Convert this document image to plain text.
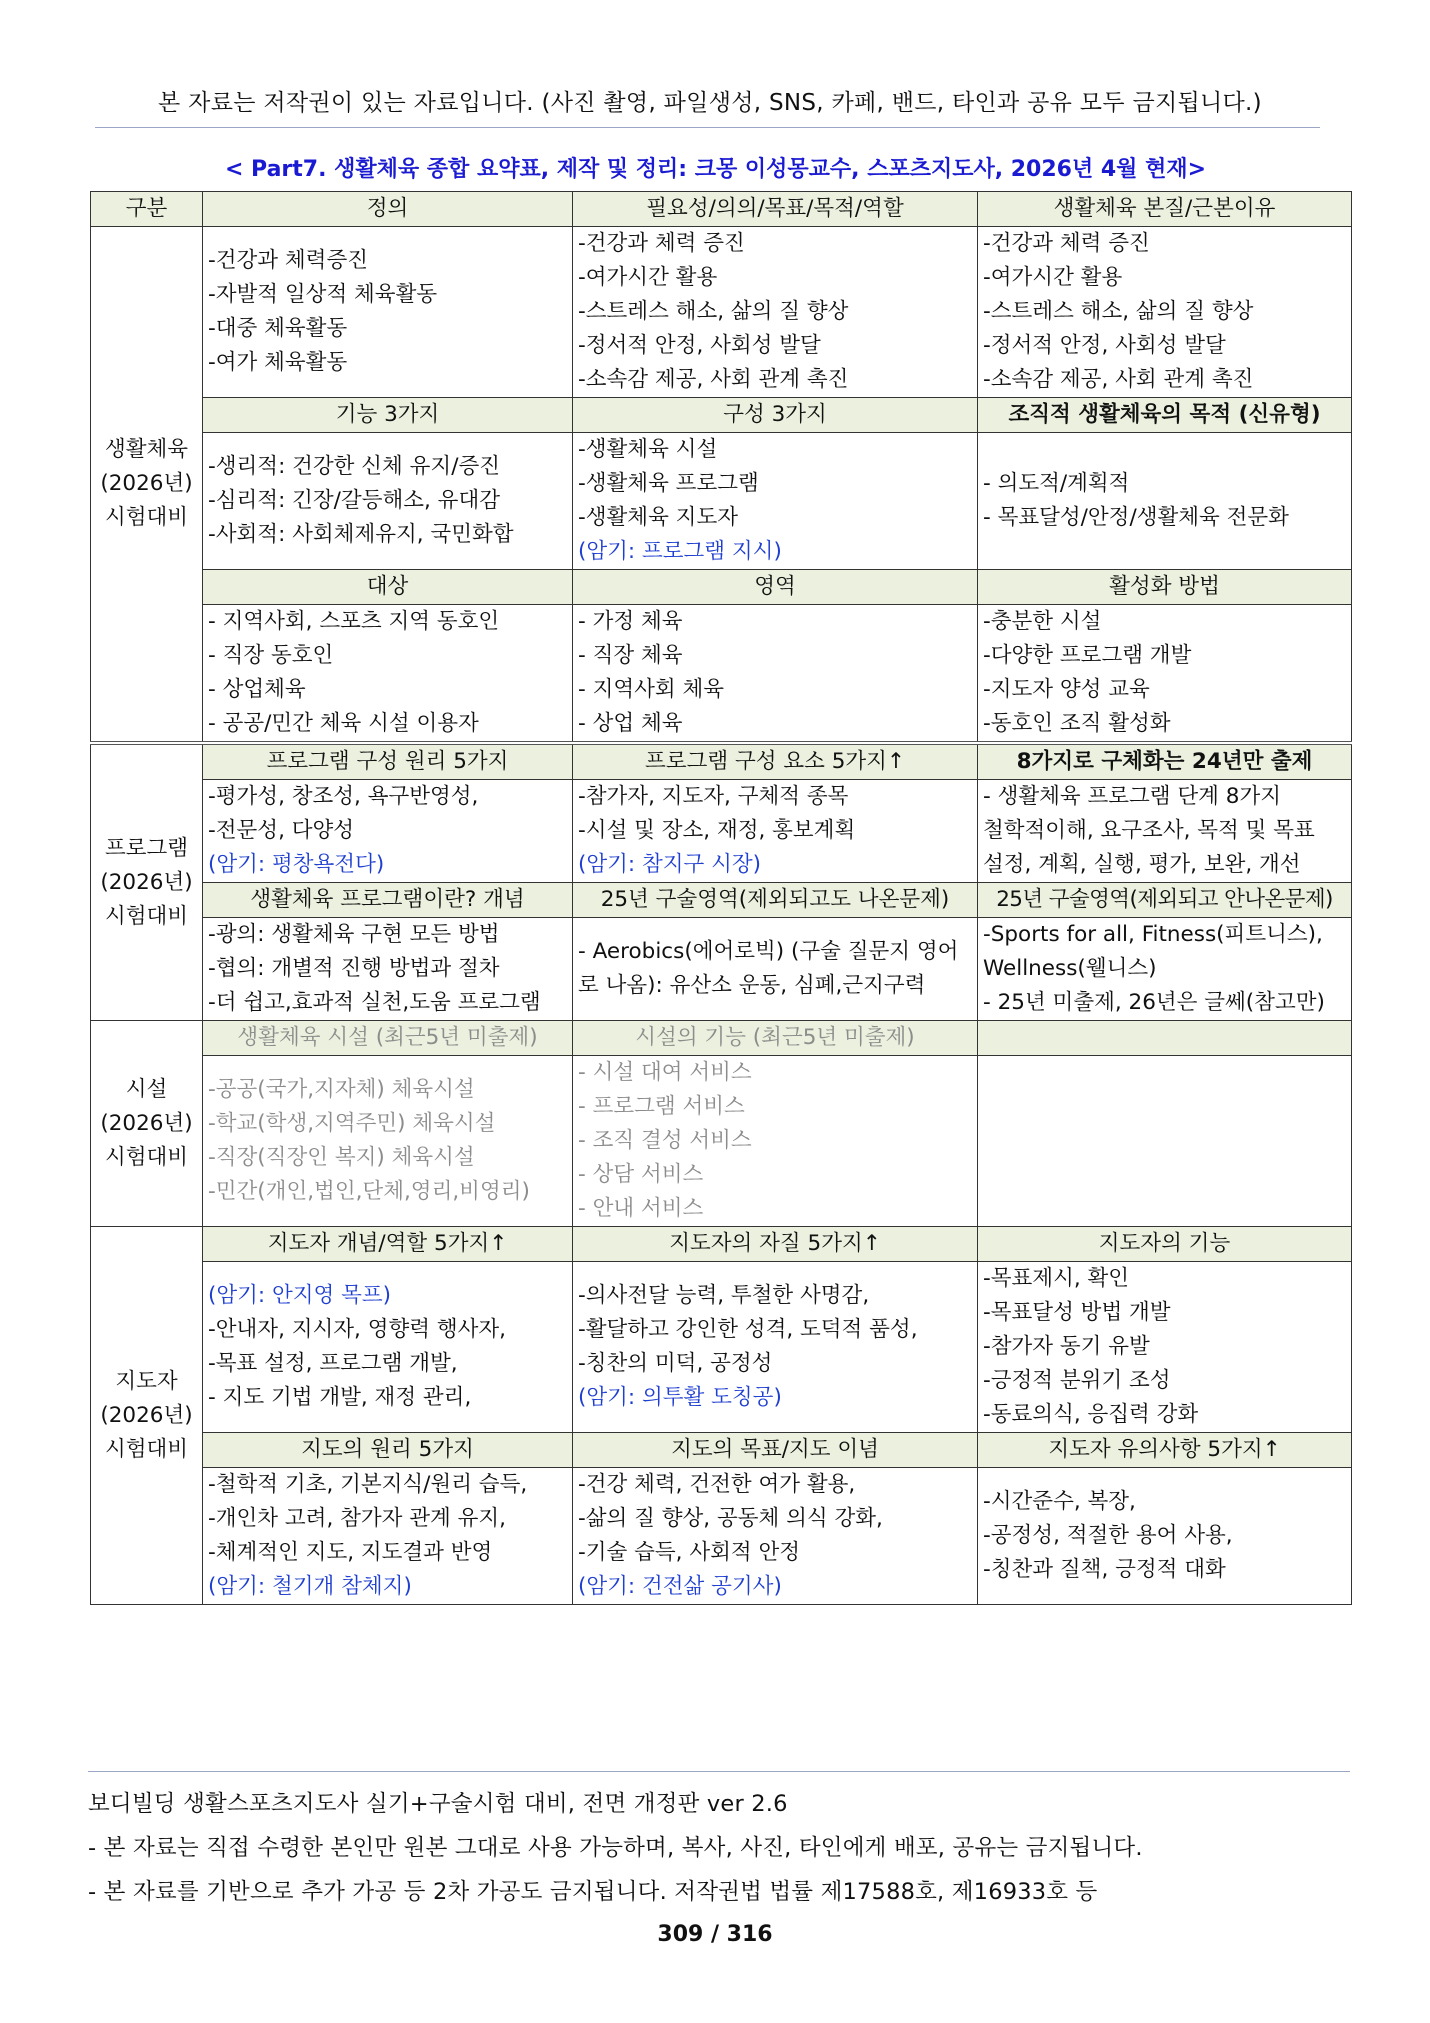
본 자료는 저작권이 있는 자료입니다. (사진 촬영, 파일생성, SNS, 카페, 밴드, 타인과 공유 모두 금지됩니다.)
< Part7. 생활체육 종합 요약표, 제작 및 정리: 크몽 이성몽교수, 스포츠지도사, 2026년 4월 현재>
구분	정의	필요성/의의/목표/목적/역할	생활체육 본질/근본이유

생활체육
(2026년)
시험대비	-건강과 체력증진
-자발적 일상적 체육활동
-대중 체육활동
-여가 체육활동	-건강과 체력 증진
-여가시간 활용
-스트레스 해소, 삶의 질 향상
-정서적 안정, 사회성 발달
-소속감 제공, 사회 관계 촉진	-건강과 체력 증진
-여가시간 활용
-스트레스 해소, 삶의 질 향상
-정서적 안정, 사회성 발달
-소속감 제공, 사회 관계 촉진

	기능 3가지	구성 3가지	조직적 생활체육의 목적 (신유형)

	-생리적: 건강한 신체 유지/증진
-심리적: 긴장/갈등해소, 유대감
-사회적: 사회체제유지, 국민화합	-생활체육 시설
-생활체육 프로그램
-생활체육 지도자
(암기: 프로그램 지시)	- 의도적/계획적
- 목표달성/안정/생활체육 전문화

	대상	영역	활성화 방법

	- 지역사회, 스포츠 지역 동호인
- 직장 동호인
- 상업체육
- 공공/민간 체육 시설 이용자	- 가정 체육
- 직장 체육
- 지역사회 체육
- 상업 체육	-충분한 시설
-다양한 프로그램 개발
-지도자 양성 교육
-동호인 조직 활성화

프로그램
(2026년)
시험대비	프로그램 구성 원리 5가지	프로그램 구성 요소 5가지↑	8가지로 구체화는 24년만 출제

	-평가성, 창조성, 욕구반영성,
-전문성, 다양성
(암기: 평창욕전다)	-참가자, 지도자, 구체적 종목
-시설 및 장소, 재정, 홍보계획
(암기: 참지구 시장)	- 생활체육 프로그램 단계 8가지
철학적이해, 요구조사, 목적 및 목표
설정, 계획, 실행, 평가, 보완, 개선

	생활체육 프로그램이란? 개념	25년 구술영역(제외되고도 나온문제)	25년 구술영역(제외되고 안나온문제)

	-광의: 생활체육 구현 모든 방법
-협의: 개별적 진행 방법과 절차
-더 쉽고,효과적 실천,도움 프로그램	- Aerobics(에어로빅) (구술 질문지 영어
로 나옴): 유산소 운동, 심폐,근지구력	-Sports for all, Fitness(피트니스),
Wellness(웰니스)
- 25년 미출제, 26년은 글쎄(참고만)

시설
(2026년)
시험대비	생활체육 시설 (최근5년 미출제)	시설의 기능 (최근5년 미출제)	

	-공공(국가,지자체) 체육시설
-학교(학생,지역주민) 체육시설
-직장(직장인 복지) 체육시설
-민간(개인,법인,단체,영리,비영리)	- 시설 대여 서비스
- 프로그램 서비스
- 조직 결성 서비스
- 상담 서비스
- 안내 서비스	

지도자
(2026년)
시험대비	지도자 개념/역할 5가지↑	지도자의 자질 5가지↑	지도자의 기능

	(암기: 안지영 목프)
-안내자, 지시자, 영향력 행사자,
-목표 설정, 프로그램 개발,
- 지도 기법 개발, 재정 관리,	-의사전달 능력, 투철한 사명감,
-활달하고 강인한 성격, 도덕적 품성,
-칭찬의 미덕, 공정성
(암기: 의투활 도칭공)	-목표제시, 확인
-목표달성 방법 개발
-참가자 동기 유발
-긍정적 분위기 조성
-동료의식, 응집력 강화

	지도의 원리 5가지	지도의 목표/지도 이념	지도자 유의사항 5가지↑

	-철학적 기초, 기본지식/원리 습득,
-개인차 고려, 참가자 관계 유지,
-체계적인 지도, 지도결과 반영
(암기: 철기개 참체지)	-건강 체력, 건전한 여가 활용,
-삶의 질 향상, 공동체 의식 강화,
-기술 습득, 사회적 안정
(암기: 건전삶 공기사)	-시간준수, 복장,
-공정성, 적절한 용어 사용,
-칭찬과 질책, 긍정적 대화
보디빌딩 생활스포츠지도사 실기+구술시험 대비, 전면 개정판 ver 2.6
- 본 자료는 직접 수령한 본인만 원본 그대로 사용 가능하며, 복사, 사진, 타인에게 배포, 공유는 금지됩니다.
- 본 자료를 기반으로 추가 가공 등 2차 가공도 금지됩니다. 저작권법 법률 제17588호, 제16933호 등
309 / 316
